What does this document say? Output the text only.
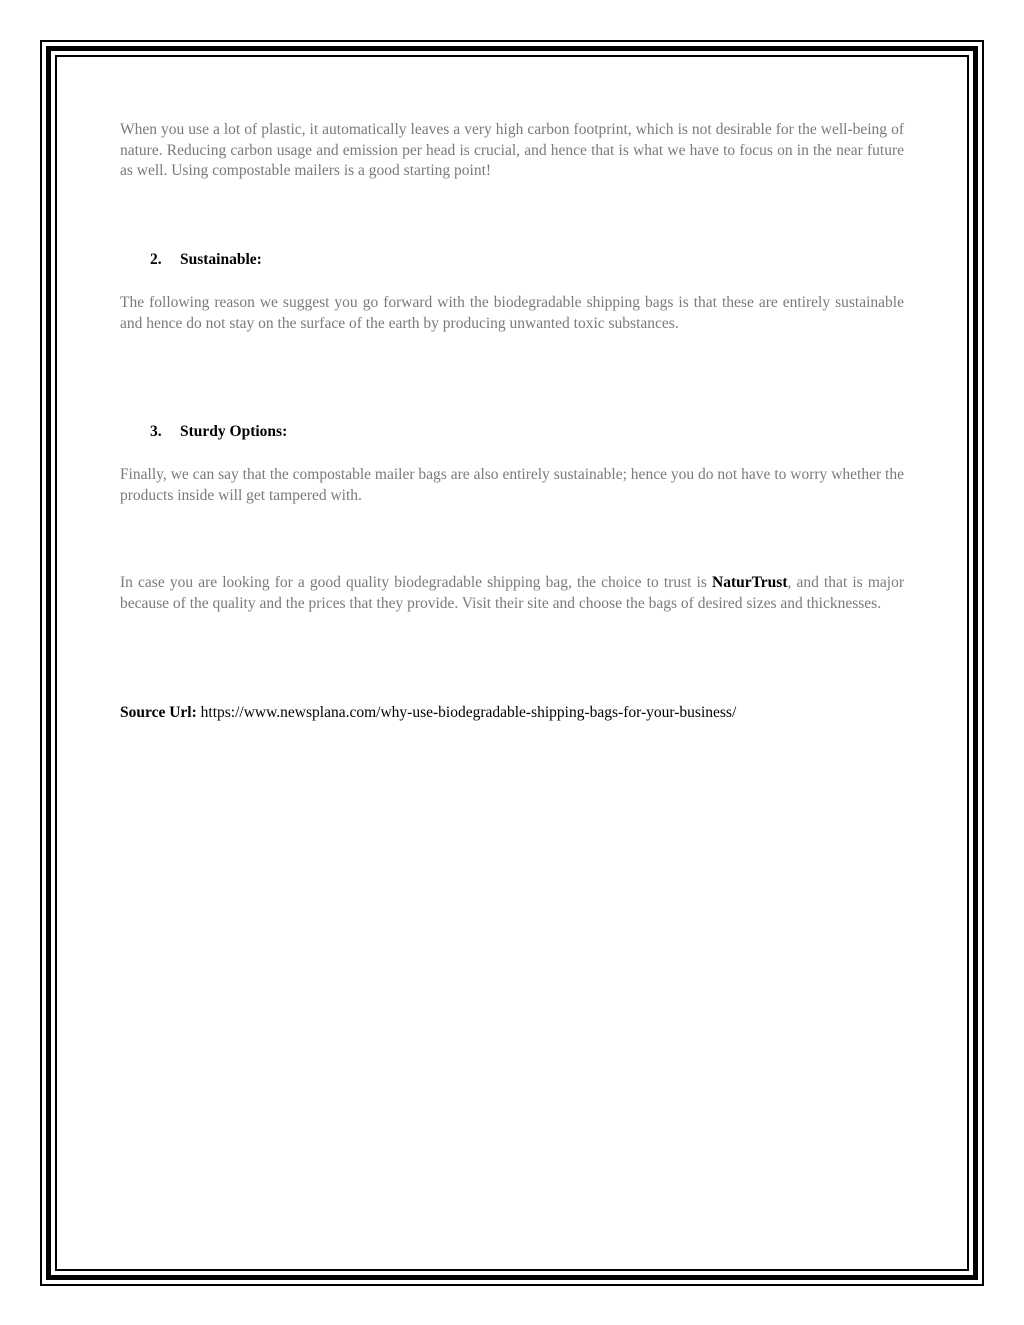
When you use a lot of plastic, it automatically leaves a very high carbon footprint, which is not desirable for the well-being of nature. Reducing carbon usage and emission per head is crucial, and hence that is what we have to focus on in the near future as well. Using compostable mailers is a good starting point!

2. Sustainable:

The following reason we suggest you go forward with the biodegradable shipping bags is that these are entirely sustainable and hence do not stay on the surface of the earth by producing unwanted toxic substances.

3. Sturdy Options:

Finally, we can say that the compostable mailer bags are also entirely sustainable; hence you do not have to worry whether the products inside will get tampered with.

In case you are looking for a good quality biodegradable shipping bag, the choice to trust is NaturTrust, and that is major because of the quality and the prices that they provide. Visit their site and choose the bags of desired sizes and thicknesses.

Source Url: https://www.newsplana.com/why-use-biodegradable-shipping-bags-for-your-business/
